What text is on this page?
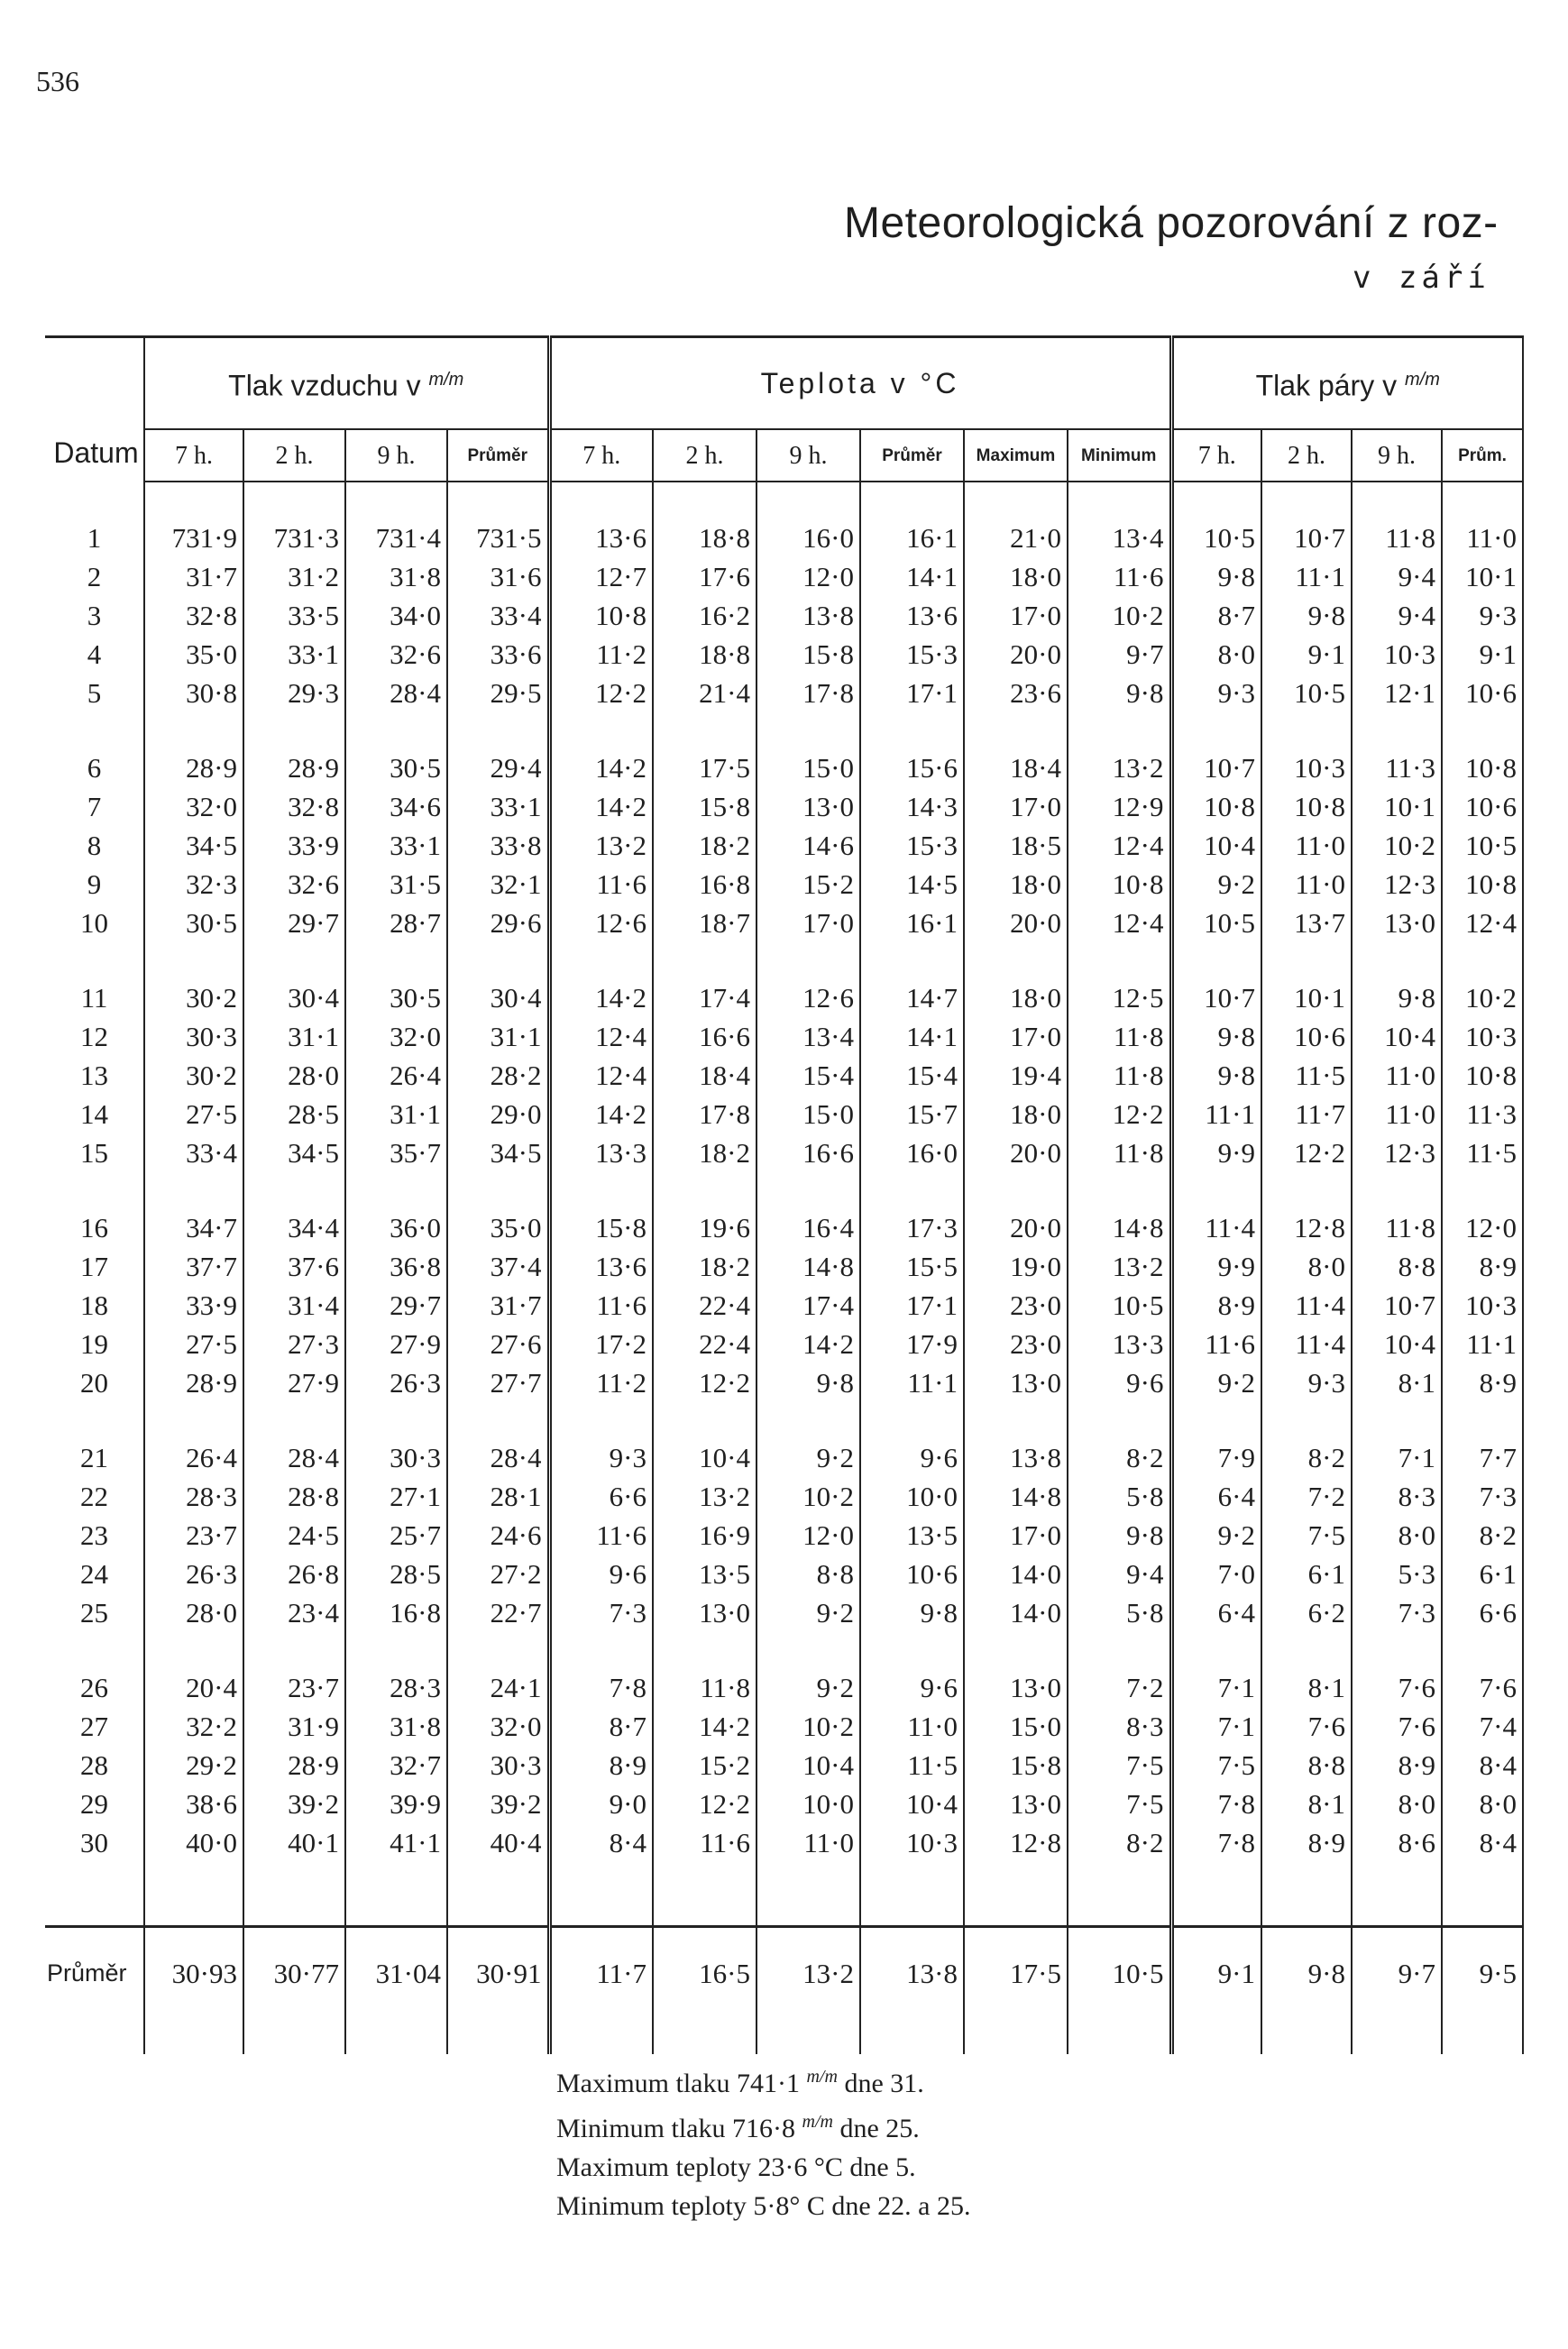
536
Meteorologická pozorování z roz-
v září
Datum	Tlak vzduchu v $^{m/m}$				Teplota v °C						Tlak páry v $^{m/m}$
	7 h.	2 h.	9 h.	Průměr	7 h.	2 h.	9 h.	Průměr	Maximum	Minimum	7 h.	2 h.	9 h.	Prům.

1	731·9	731·3	731·4	731·5	13·6	18·8	16·0	16·1	21·0	13·4	10·5	10·7	11·8	11·0
2	31·7	31·2	31·8	31·6	12·7	17·6	12·0	14·1	18·0	11·6	9·8	11·1	9·4	10·1
3	32·8	33·5	34·0	33·4	10·8	16·2	13·8	13·6	17·0	10·2	8·7	9·8	9·4	9·3
4	35·0	33·1	32·6	33·6	11·2	18·8	15·8	15·3	20·0	9·7	8·0	9·1	10·3	9·1
5	30·8	29·3	28·4	29·5	12·2	21·4	17·8	17·1	23·6	9·8	9·3	10·5	12·1	10·6

6	28·9	28·9	30·5	29·4	14·2	17·5	15·0	15·6	18·4	13·2	10·7	10·3	11·3	10·8
7	32·0	32·8	34·6	33·1	14·2	15·8	13·0	14·3	17·0	12·9	10·8	10·8	10·1	10·6
8	34·5	33·9	33·1	33·8	13·2	18·2	14·6	15·3	18·5	12·4	10·4	11·0	10·2	10·5
9	32·3	32·6	31·5	32·1	11·6	16·8	15·2	14·5	18·0	10·8	9·2	11·0	12·3	10·8
10	30·5	29·7	28·7	29·6	12·6	18·7	17·0	16·1	20·0	12·4	10·5	13·7	13·0	12·4

11	30·2	30·4	30·5	30·4	14·2	17·4	12·6	14·7	18·0	12·5	10·7	10·1	9·8	10·2
12	30·3	31·1	32·0	31·1	12·4	16·6	13·4	14·1	17·0	11·8	9·8	10·6	10·4	10·3
13	30·2	28·0	26·4	28·2	12·4	18·4	15·4	15·4	19·4	11·8	9·8	11·5	11·0	10·8
14	27·5	28·5	31·1	29·0	14·2	17·8	15·0	15·7	18·0	12·2	11·1	11·7	11·0	11·3
15	33·4	34·5	35·7	34·5	13·3	18·2	16·6	16·0	20·0	11·8	9·9	12·2	12·3	11·5

16	34·7	34·4	36·0	35·0	15·8	19·6	16·4	17·3	20·0	14·8	11·4	12·8	11·8	12·0
17	37·7	37·6	36·8	37·4	13·6	18·2	14·8	15·5	19·0	13·2	9·9	8·0	8·8	8·9
18	33·9	31·4	29·7	31·7	11·6	22·4	17·4	17·1	23·0	10·5	8·9	11·4	10·7	10·3
19	27·5	27·3	27·9	27·6	17·2	22·4	14·2	17·9	23·0	13·3	11·6	11·4	10·4	11·1
20	28·9	27·9	26·3	27·7	11·2	12·2	9·8	11·1	13·0	9·6	9·2	9·3	8·1	8·9

21	26·4	28·4	30·3	28·4	9·3	10·4	9·2	9·6	13·8	8·2	7·9	8·2	7·1	7·7
22	28·3	28·8	27·1	28·1	6·6	13·2	10·2	10·0	14·8	5·8	6·4	7·2	8·3	7·3
23	23·7	24·5	25·7	24·6	11·6	16·9	12·0	13·5	17·0	9·8	9·2	7·5	8·0	8·2
24	26·3	26·8	28·5	27·2	9·6	13·5	8·8	10·6	14·0	9·4	7·0	6·1	5·3	6·1
25	28·0	23·4	16·8	22·7	7·3	13·0	9·2	9·8	14·0	5·8	6·4	6·2	7·3	6·6

26	20·4	23·7	28·3	24·1	7·8	11·8	9·2	9·6	13·0	7·2	7·1	8·1	7·6	7·6
27	32·2	31·9	31·8	32·0	8·7	14·2	10·2	11·0	15·0	8·3	7·1	7·6	7·6	7·4
28	29·2	28·9	32·7	30·3	8·9	15·2	10·4	11·5	15·8	7·5	7·5	8·8	8·9	8·4
29	38·6	39·2	39·9	39·2	9·0	12·2	10·0	10·4	13·0	7·5	7·8	8·1	8·0	8·0
30	40·0	40·1	41·1	40·4	8·4	11·6	11·0	10·3	12·8	8·2	7·8	8·9	8·6	8·4

Průměr	30·93	30·77	31·04	30·91	11·7	16·5	13·2	13·8	17·5	10·5	9·1	9·8	9·7	9·5

Maximum tlaku 741·1 $^{m/m}$ dne 31.
Minimum tlaku 716·8 $^{m/m}$ dne 25.
Maximum teploty 23·6 °C dne 5.
Minimum teploty 5·8° C dne 22. a 25.
